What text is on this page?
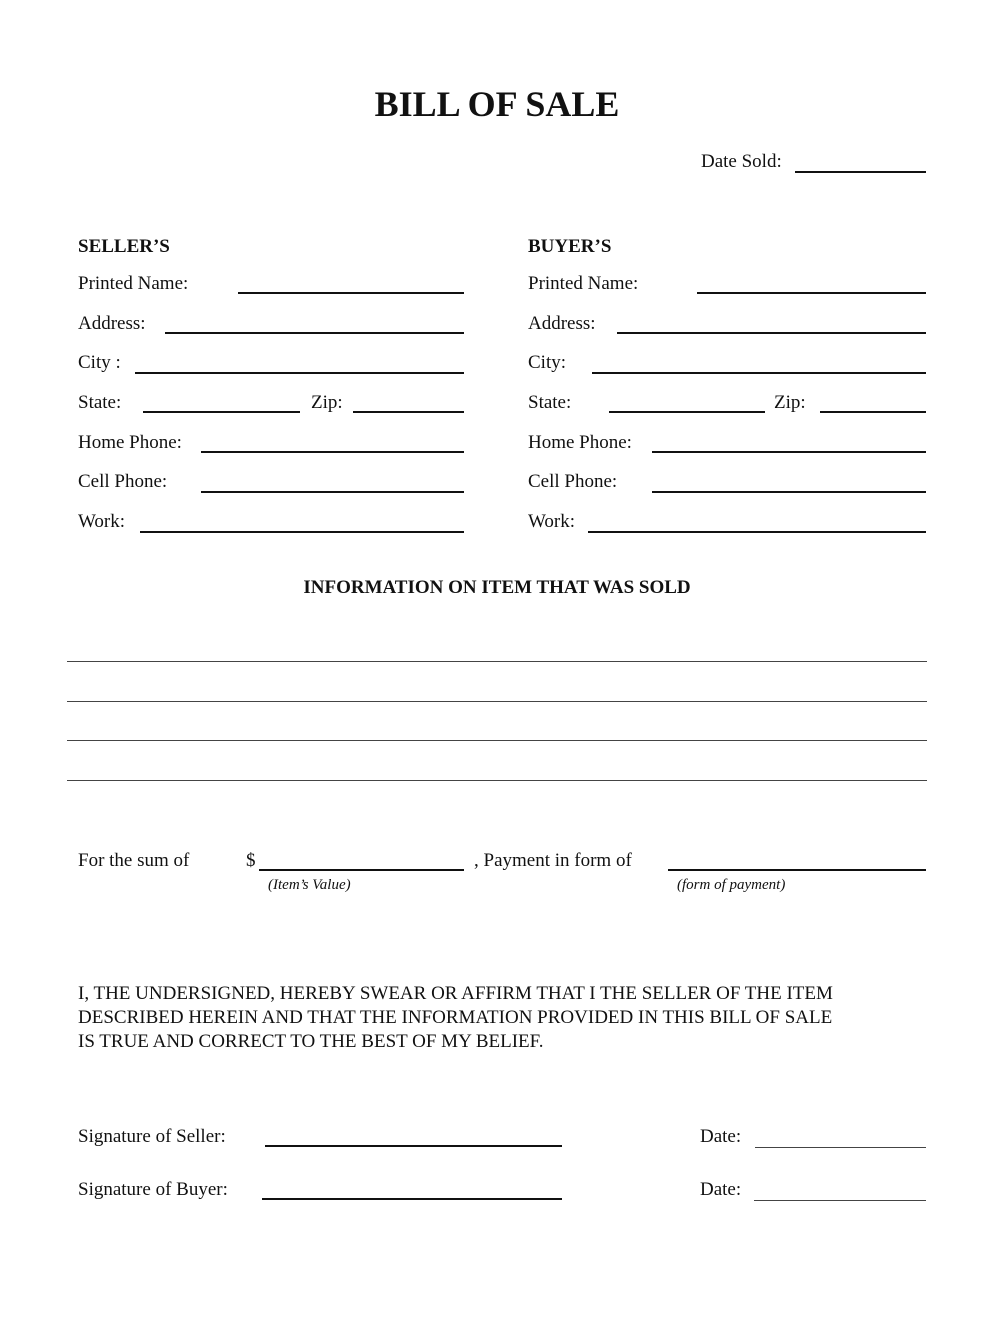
BILL OF SALE
Date Sold:
SELLER’S
Printed Name:
Address:
City :
State:	Zip:
Home Phone:
Cell Phone:
Work:
BUYER’S
Printed Name:
Address:
City:
State:	Zip:
Home Phone:
Cell Phone:
Work:
INFORMATION ON ITEM THAT WAS SOLD
For the sum of	$	, Payment in form of
(Item’s Value)	(form of payment)
I, THE UNDERSIGNED, HEREBY SWEAR OR AFFIRM THAT I THE SELLER OF THE ITEM
DESCRIBED HEREIN AND THAT THE INFORMATION PROVIDED IN THIS BILL OF SALE
IS TRUE AND CORRECT TO THE BEST OF MY BELIEF.
Signature of Seller:	Date:
Signature of Buyer:	Date:
